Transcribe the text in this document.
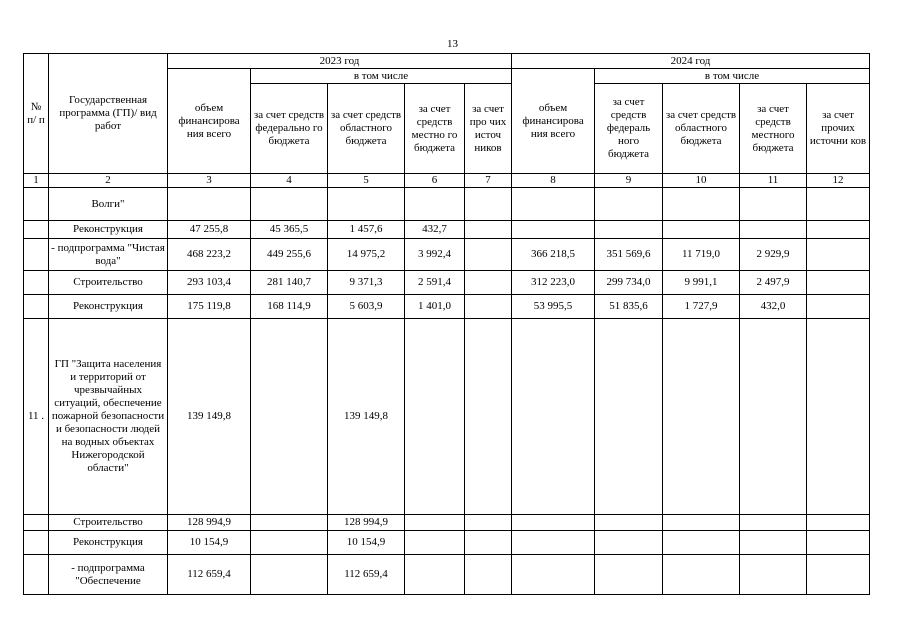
13
№ п/ п	Государственная программа (ГП)/ вид работ	2023 год					2024 год				
		объем финансирова ния всего	в том числе				объем финансирова ния всего	в том числе			
			за счет средств федерально го бюджета	за счет средств областного бюджета	за счет средств местно го бюджета	за счет про чих источ ников		за счет средств федераль ного бюджета	за счет средств областного бюджета	за счет средств местного бюджета	за счет прочих источни ков
1	2	3	4	5	6	7	8	9	10	11	12
	Волги"										
	Реконструкция	47 255,8	45 365,5	1 457,6	432,7						
	- подпрограмма "Чистая вода"	468 223,2	449 255,6	14 975,2	3 992,4		366 218,5	351 569,6	11 719,0	2 929,9	
	Строительство	293 103,4	281 140,7	9 371,3	2 591,4		312 223,0	299 734,0	9 991,1	2 497,9	
	Реконструкция	175 119,8	168 114,9	5 603,9	1 401,0		53 995,5	51 835,6	1 727,9	432,0	
11 .	ГП "Защита населения и территорий от чрезвычайных ситуаций, обеспечение пожарной безопасности и безопасности людей на водных объектах Нижегородской области"	139 149,8		139 149,8							
	Строительство	128 994,9		128 994,9							
	Реконструкция	10 154,9		10 154,9							
	- подпрограмма "Обеспечение	112 659,4		112 659,4							
